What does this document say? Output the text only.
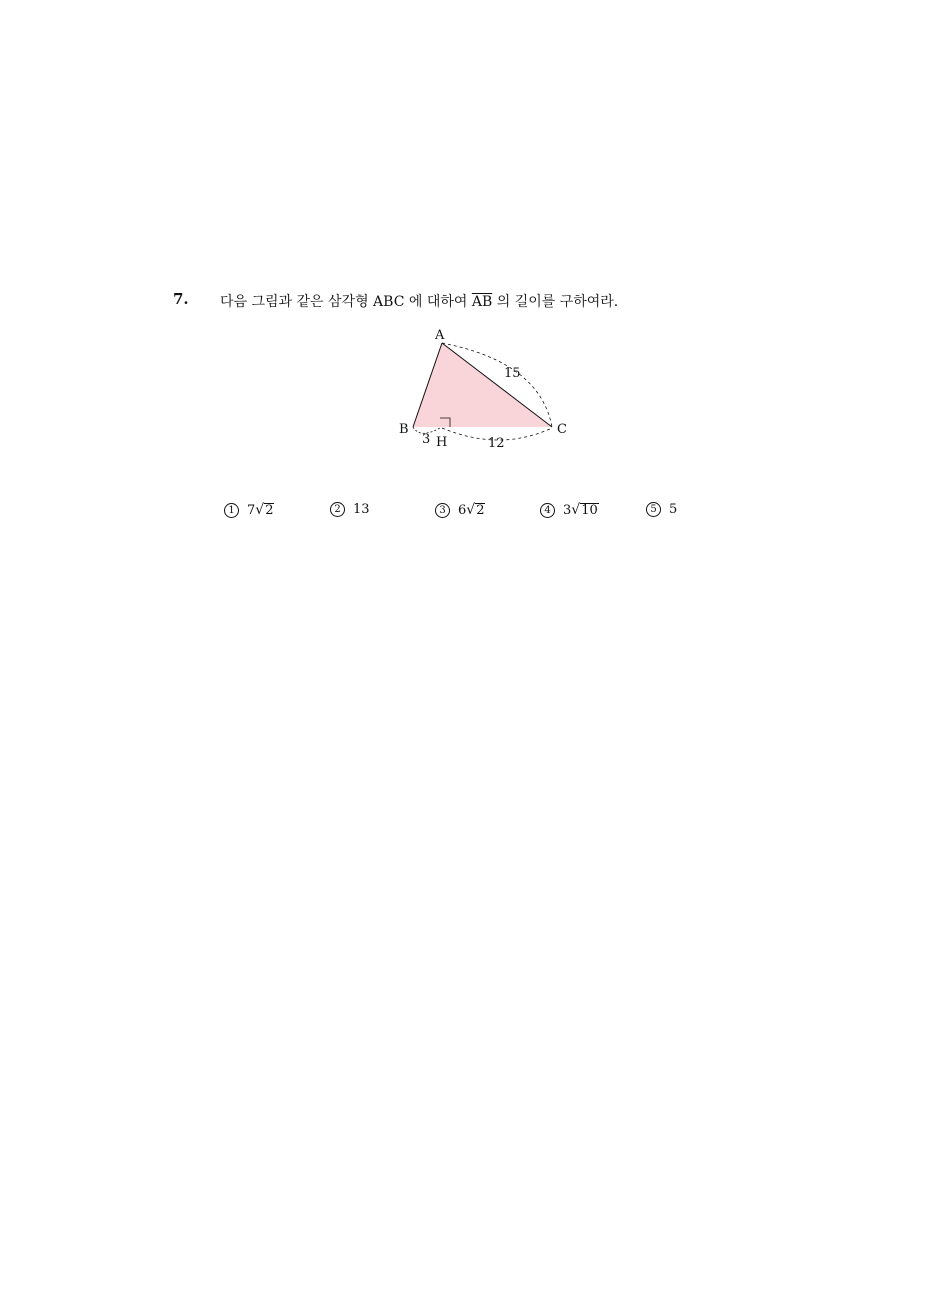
7. 다음 그림과 같은 삼각형 ABC 에 대하여 $\overline{AB}$ 의 길이를 구하여라.
A
B	C
H
15
3	12
1 7 √ 2	2 13	3 6 √ 2	4 3 √ 10	5 5
